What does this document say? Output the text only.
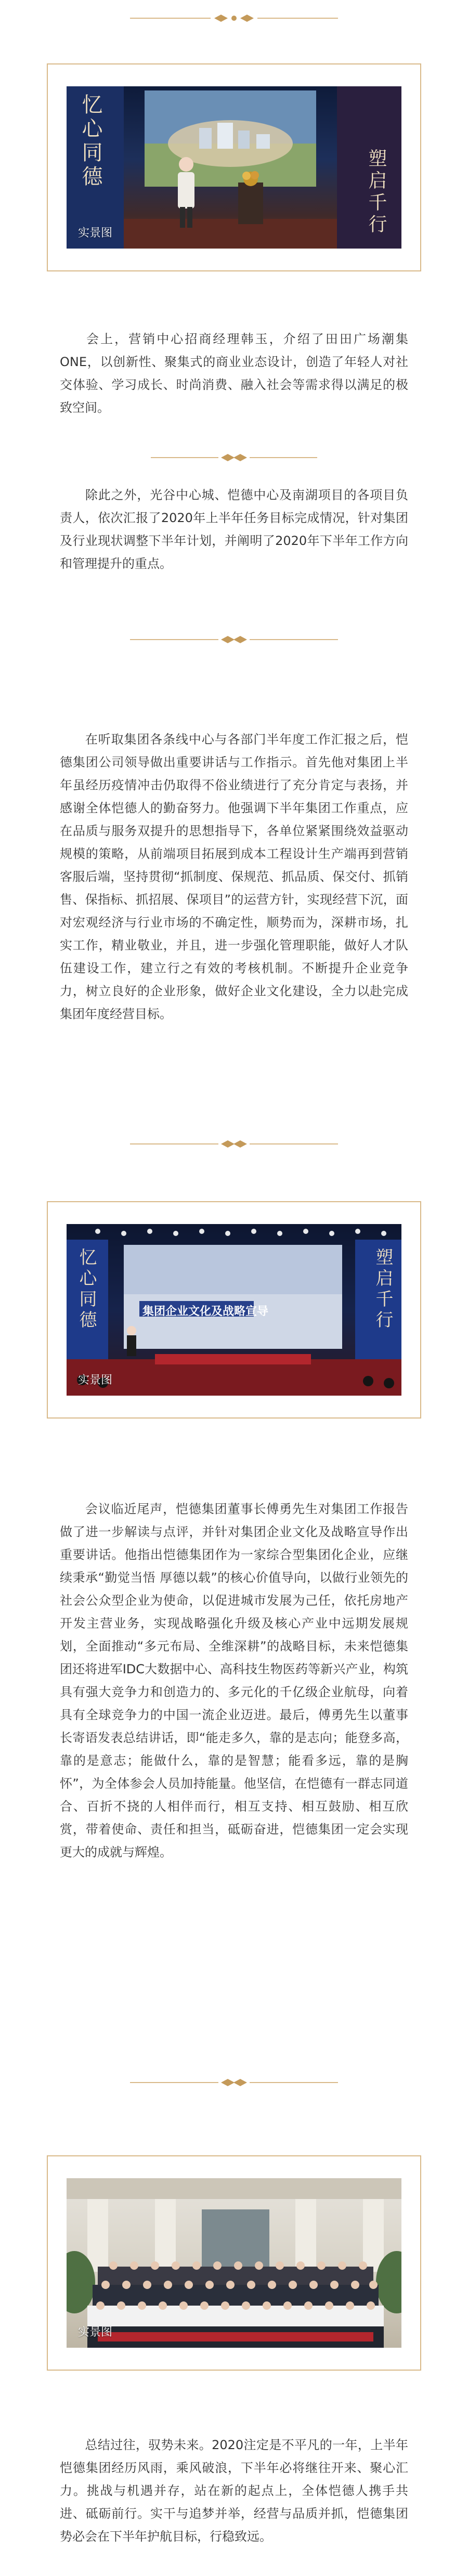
忆心同德
塑启千行
实景图

会上，营销中心招商经理韩玉，介绍了田田广场潮集ONE，以创新性、聚集式的商业业态设计，创造了年轻人对社交体验、学习成长、时尚消费、融入社会等需求得以满足的极致空间。

除此之外，光谷中心城、恺德中心及南湖项目的各项目负责人，依次汇报了2020年上半年任务目标完成情况，针对集团及行业现状调整下半年计划，并阐明了2020年下半年工作方向和管理提升的重点。

在听取集团各条线中心与各部门半年度工作汇报之后，恺德集团公司领导做出重要讲话与工作指示。首先他对集团上半年虽经历疫情冲击仍取得不俗业绩进行了充分肯定与表扬，并感谢全体恺德人的勤奋努力。他强调下半年集团工作重点，应在品质与服务双提升的思想指导下，各单位紧紧围绕效益驱动规模的策略，从前端项目拓展到成本工程设计生产端再到营销客服后端，坚持贯彻“抓制度、保规范、抓品质、保交付、抓销售、保指标、抓招展、保项目”的运营方针，实现经营下沉，面对宏观经济与行业市场的不确定性，顺势而为，深耕市场，扎实工作，精业敬业，并且，进一步强化管理职能，做好人才队伍建设工作，建立行之有效的考核机制。不断提升企业竞争力，树立良好的企业形象，做好企业文化建设，全力以赴完成集团年度经营目标。

集团企业文化及战略宣导
忆心同德	塑启千行
实景图

会议临近尾声，恺德集团董事长傅勇先生对集团工作报告做了进一步解读与点评，并针对集团企业文化及战略宣导作出重要讲话。他指出恺德集团作为一家综合型集团化企业，应继续秉承“勤觉当悟 厚德以载”的核心价值导向，以做行业领先的社会公众型企业为使命，以促进城市发展为己任，依托房地产开发主营业务，实现战略强化升级及核心产业中远期发展规划，全面推动“多元布局、全维深耕”的战略目标，未来恺德集团还将进军IDC大数据中心、高科技生物医药等新兴产业，构筑具有强大竞争力和创造力的、多元化的千亿级企业航母，向着具有全球竞争力的中国一流企业迈进。最后，傅勇先生以董事长寄语发表总结讲话，即“能走多久，靠的是志向；能登多高，靠的是意志；能做什么，靠的是智慧；能看多远，靠的是胸怀”，为全体参会人员加持能量。他坚信，在恺德有一群志同道合、百折不挠的人相伴而行，相互支持、相互鼓励、相互欣赏，带着使命、责任和担当，砥砺奋进，恺德集团一定会实现更大的成就与辉煌。

实景图

总结过往，驭势未来。2020注定是不平凡的一年，上半年恺德集团经历风雨，乘风破浪，下半年必将继往开来、聚心汇力。挑战与机遇并存，站在新的起点上，全体恺德人携手共进、砥砺前行。实干与追梦并举，经营与品质并抓，恺德集团势必会在下半年护航目标，行稳致远。
